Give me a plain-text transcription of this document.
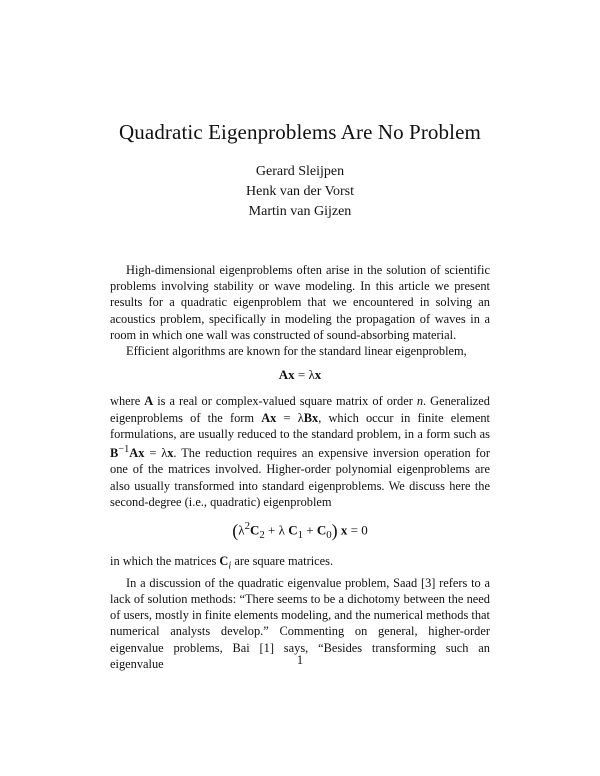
Quadratic Eigenproblems Are No Problem
Gerard Sleijpen
Henk van der Vorst
Martin van Gijzen

High-dimensional eigenproblems often arise in the solution of scientific problems involving stability or wave modeling. In this article we present results for a quadratic eigenproblem that we encountered in solving an acoustics problem, specifically in modeling the propagation of waves in a room in which one wall was constructed of sound-absorbing material.

Efficient algorithms are known for the standard linear eigenproblem,

Ax = λx

where A is a real or complex-valued square matrix of order n. Generalized eigenproblems of the form Ax = λBx, which occur in finite element formulations, are usually reduced to the standard problem, in a form such as $B^{-1}Ax = \lambda x$. The reduction requires an expensive inversion operation for one of the matrices involved. Higher-order polynomial eigenproblems are also usually transformed into standard eigenproblems. We discuss here the second-degree (i.e., quadratic) eigenproblem

($\lambda^2C_2 + \lambda$ $C_1 + C_0$) x = 0

in which the matrices $C_i$ are square matrices.

In a discussion of the quadratic eigenvalue problem, Saad [3] refers to a lack of solution methods: “There seems to be a dichotomy between the need of users, mostly in finite elements modeling, and the numerical methods that numerical analysts develop.” Commenting on general, higher-order eigenvalue problems, Bai [1] says, “Besides transforming such an eigenvalue	1
